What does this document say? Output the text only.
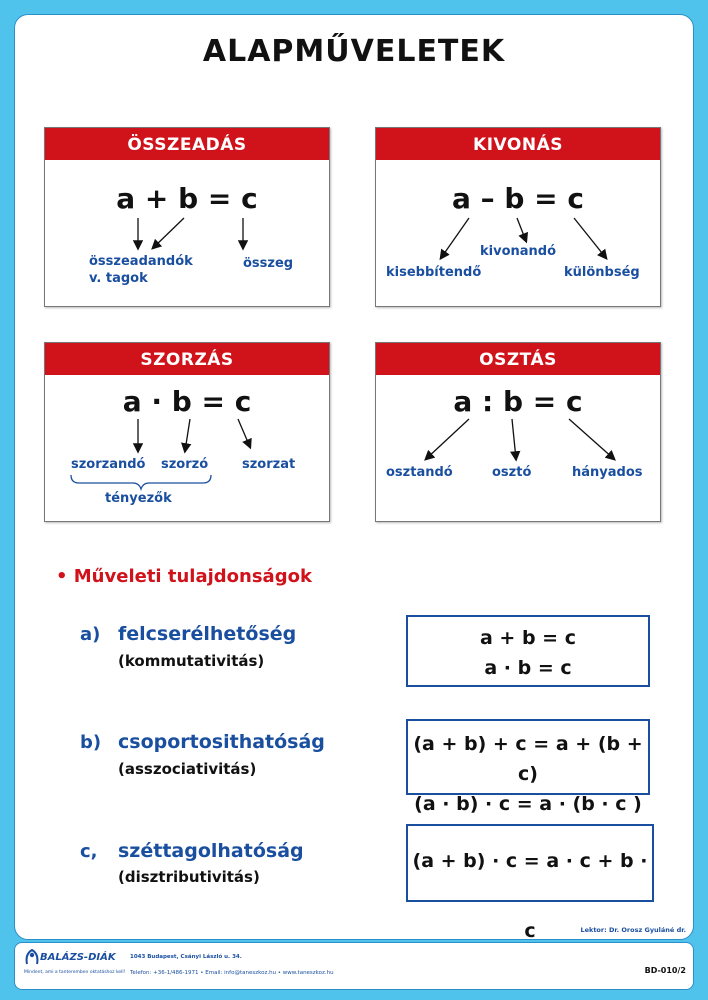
ALAPMŰVELETEK
ÖSSZEADÁS
a + b = c
összeadandók
v. tagok
összeg
KIVONÁS
a – b = c
kivonandó
kisebbítendő	különbség
SZORZÁS
a · b = c
szorzandó szorzó	szorzat
tényezők
OSZTÁS
a : b = c
osztandó	osztó	hányados
• Műveleti tulajdonságok
a) felcserélhetőség
(kommutativitás)
a + b = c
a · b = c
b) csoportosithatóság
(asszociativitás)
(a + b) + c = a + (b + c)
(a · b) · c = a · (b · c )
c, széttagolhatóság
(disztributivitás)
(a + b) · c = a · c + b · c	Lektor: Dr. Orosz Gyuláné dr.
BALÁZS-DIÁK
Mindent, ami a tanteremben oktatáshoz kell!
1043 Budapest, Csányi László u. 34.
Telefon: +36-1/486-1971 • Email: info@taneszkoz.hu • www.taneszkoz.hu	BD-010/2
